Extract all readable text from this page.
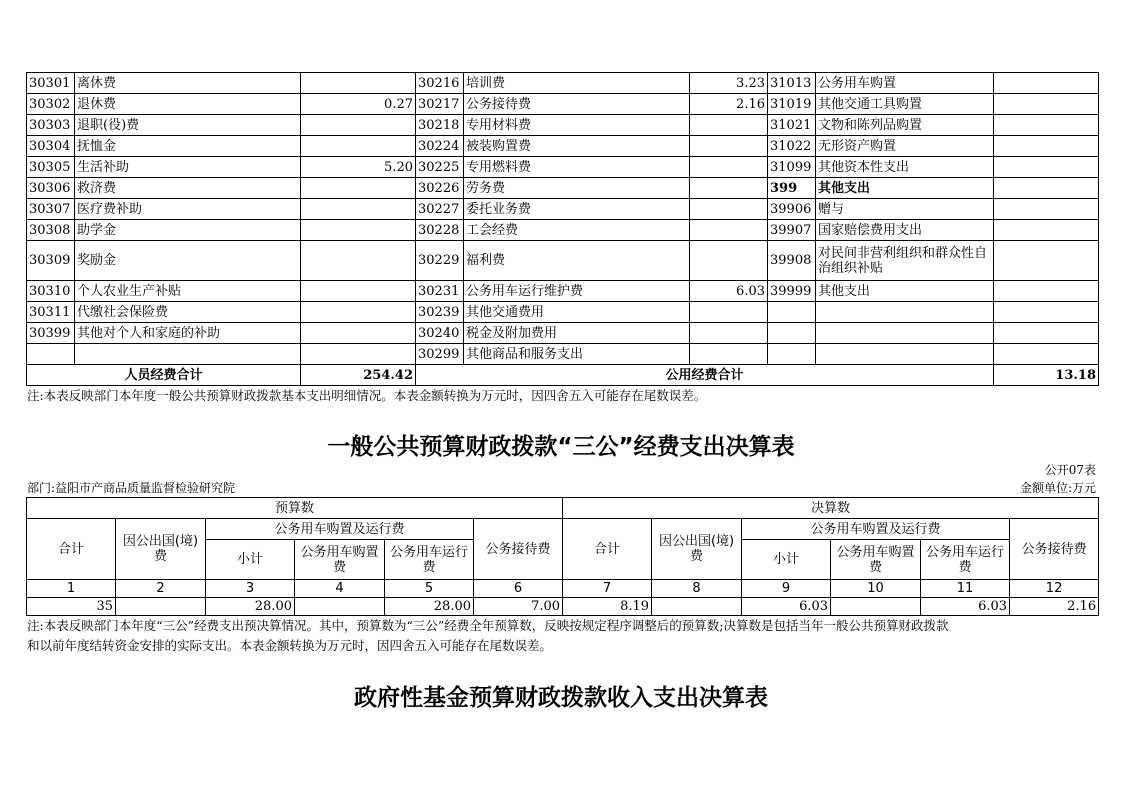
30301	离休费		30216	培训费	3.23	31013	公务用车购置	
30302	退休费	0.27	30217	公务接待费	2.16	31019	其他交通工具购置	
30303	退职(役)费		30218	专用材料费		31021	文物和陈列品购置	
30304	抚恤金		30224	被装购置费		31022	无形资产购置	
30305	生活补助	5.20	30225	专用燃料费		31099	其他资本性支出	
30306	救济费		30226	劳务费		399	其他支出	
30307	医疗费补助		30227	委托业务费		39906	赠与	
30308	助学金		30228	工会经费		39907	国家赔偿费用支出	
30309	奖励金		30229	福利费		39908	对民间非营利组织和群众性自治组织补贴	
30310	个人农业生产补贴		30231	公务用车运行维护费	6.03	39999	其他支出	
30311	代缴社会保险费		30239	其他交通费用				
30399	其他对个人和家庭的补助		30240	税金及附加费用				
			30299	其他商品和服务支出				
人员经费合计		254.42	公用经费合计					13.18
注:本表反映部门本年度一般公共预算财政拨款基本支出明细情况。本表金额转换为万元时，因四舍五入可能存在尾数误差。
一般公共预算财政拨款“三公”经费支出决算表
公开07表
部门:益阳市产商品质量监督检验研究院	金额单位:万元
预算数						决算数					
合计	因公出国(境)费	公务用车购置及运行费			公务接待费	合计	因公出国(境)费	公务用车购置及运行费			公务接待费
		小计	公务用车购置费	公务用车运行费				小计	公务用车购置费	公务用车运行费	
1	2	3	4	5	6	7	8	9	10	11	12
35		28.00		28.00	7.00	8.19		6.03		6.03	2.16
注:本表反映部门本年度“三公”经费支出预决算情况。其中，预算数为“三公”经费全年预算数，反映按规定程序调整后的预算数;决算数是包括当年一般公共预算财政拨款
和以前年度结转资金安排的实际支出。本表金额转换为万元时，因四舍五入可能存在尾数误差。
政府性基金预算财政拨款收入支出决算表
